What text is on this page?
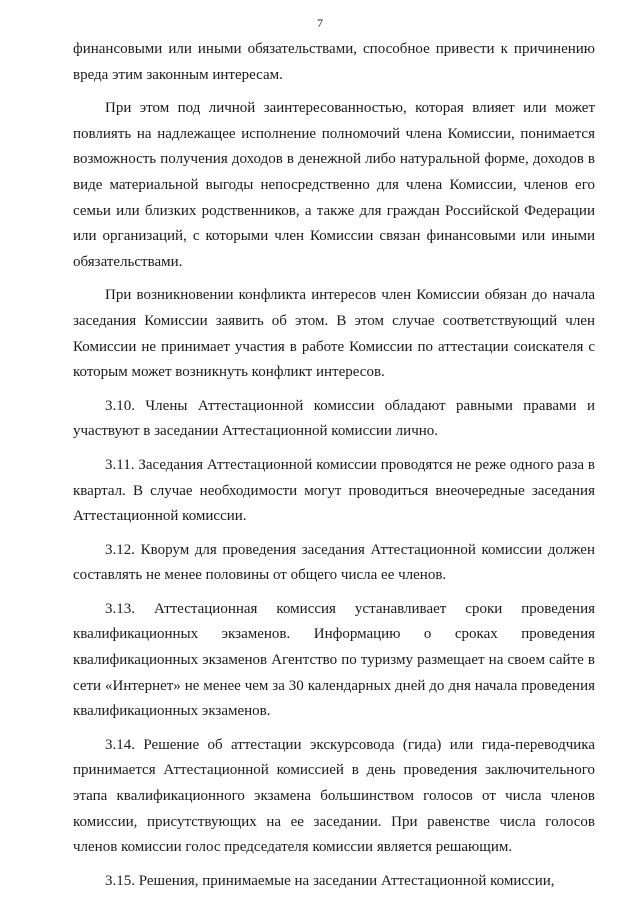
7

финансовыми или иными обязательствами, способное привести к причинению вреда этим законным интересам.

При этом под личной заинтересованностью, которая влияет или может повлиять на надлежащее исполнение полномочий члена Комиссии, понимается возможность получения доходов в денежной либо натуральной форме, доходов в виде материальной выгоды непосредственно для члена Комиссии, членов его семьи или близких родственников, а также для граждан Российской Федерации или организаций, с которыми член Комиссии связан финансовыми или иными обязательствами.

При возникновении конфликта интересов член Комиссии обязан до начала заседания Комиссии заявить об этом. В этом случае соответствующий член Комиссии не принимает участия в работе Комиссии по аттестации соискателя с которым может возникнуть конфликт интересов.

3.10. Члены Аттестационной комиссии обладают равными правами и участвуют в заседании Аттестационной комиссии лично.

3.11. Заседания Аттестационной комиссии проводятся не реже одного раза в квартал. В случае необходимости могут проводиться внеочередные заседания Аттестационной комиссии.

3.12. Кворум для проведения заседания Аттестационной комиссии должен составлять не менее половины от общего числа ее членов.

3.13. Аттестационная комиссия устанавливает сроки проведения квалификационных экзаменов. Информацию о сроках проведения квалификационных экзаменов Агентство по туризму размещает на своем сайте в сети «Интернет» не менее чем за 30 календарных дней до дня начала проведения квалификационных экзаменов.

3.14. Решение об аттестации экскурсовода (гида) или гида-переводчика принимается Аттестационной комиссией в день проведения заключительного этапа квалификационного экзамена большинством голосов от числа членов комиссии, присутствующих на ее заседании. При равенстве числа голосов членов комиссии голос председателя комиссии является решающим.

3.15. Решения, принимаемые на заседании Аттестационной комиссии,
